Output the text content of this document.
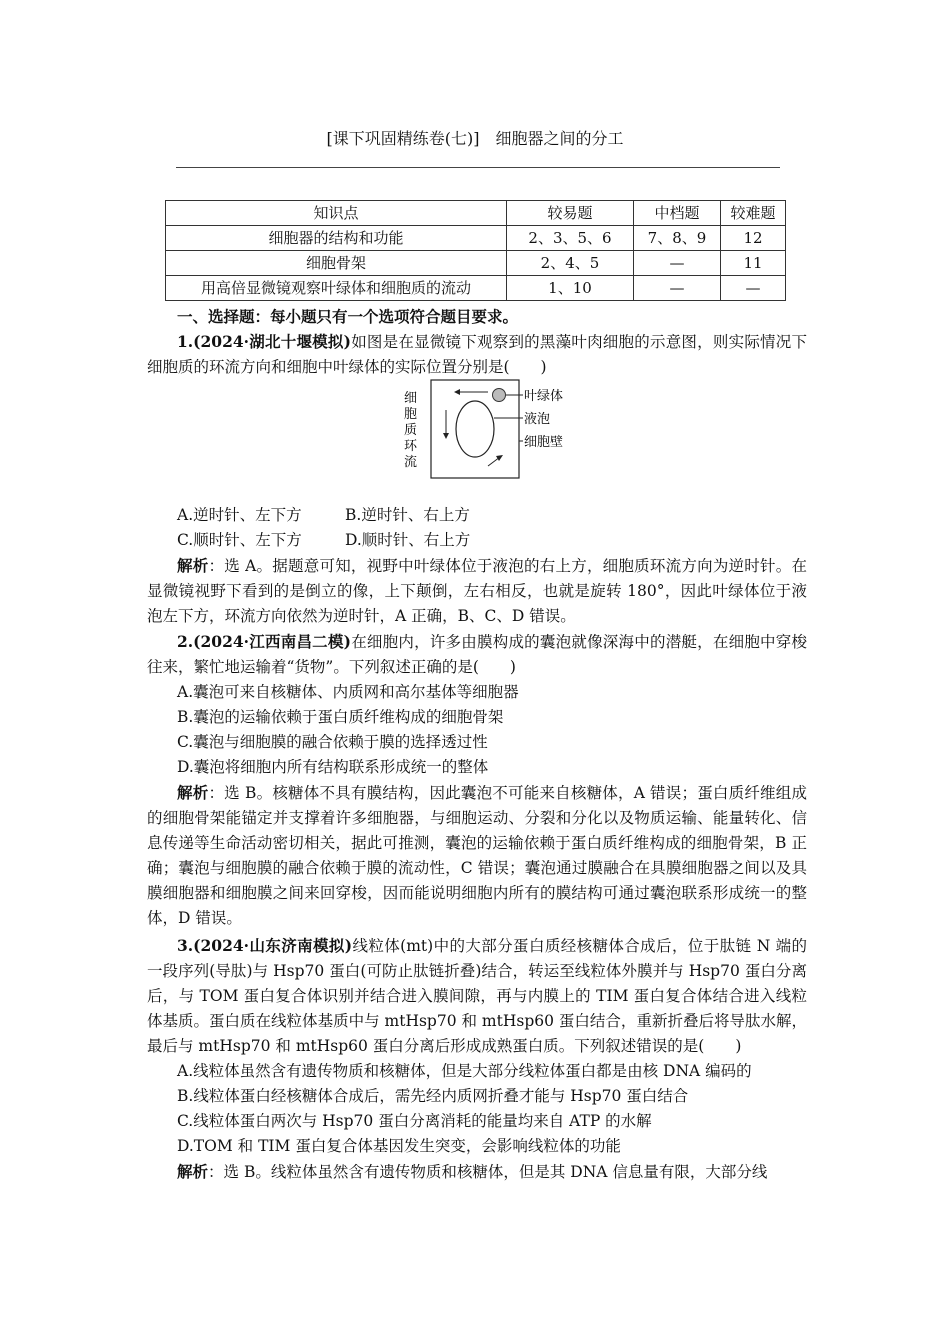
[课下巩固精练卷(七)]　细胞器之间的分工
知识点	较易题	中档题	较难题
细胞器的结构和功能	2、3、5、6	7、8、9	12
细胞骨架	2、4、5	—	11
用高倍显微镜观察叶绿体和细胞质的流动	1、10	—	—

一、选择题：每小题只有一个选项符合题目要求。

1.(2024·湖北十堰模拟)如图是在显微镜下观察到的黑藻叶肉细胞的示意图，则实际情况下细胞质的环流方向和细胞中叶绿体的实际位置分别是(　　)

叶绿体
液泡
细胞壁
细
胞
质
环
流

A.逆时针、左下方	B.逆时针、右上方

C.顺时针、左下方	D.顺时针、右上方

解析：选 A。据题意可知，视野中叶绿体位于液泡的右上方，细胞质环流方向为逆时针。在显微镜视野下看到的是倒立的像，上下颠倒，左右相反，也就是旋转 180°，因此叶绿体位于液泡左下方，环流方向依然为逆时针，A 正确，B、C、D 错误。

2.(2024·江西南昌二模)在细胞内，许多由膜构成的囊泡就像深海中的潜艇，在细胞中穿梭往来，繁忙地运输着“货物”。下列叙述正确的是(　　)

A.囊泡可来自核糖体、内质网和高尔基体等细胞器

B.囊泡的运输依赖于蛋白质纤维构成的细胞骨架

C.囊泡与细胞膜的融合依赖于膜的选择透过性

D.囊泡将细胞内所有结构联系形成统一的整体

解析：选 B。核糖体不具有膜结构，因此囊泡不可能来自核糖体，A 错误；蛋白质纤维组成的细胞骨架能锚定并支撑着许多细胞器，与细胞运动、分裂和分化以及物质运输、能量转化、信息传递等生命活动密切相关，据此可推测，囊泡的运输依赖于蛋白质纤维构成的细胞骨架，B 正确；囊泡与细胞膜的融合依赖于膜的流动性，C 错误；囊泡通过膜融合在具膜细胞器之间以及具膜细胞器和细胞膜之间来回穿梭，因而能说明细胞内所有的膜结构可通过囊泡联系形成统一的整体，D 错误。

3.(2024·山东济南模拟)线粒体(mt)中的大部分蛋白质经核糖体合成后，位于肽链 N 端的一段序列(导肽)与 Hsp70 蛋白(可防止肽链折叠)结合，转运至线粒体外膜并与 Hsp70 蛋白分离后，与 TOM 蛋白复合体识别并结合进入膜间隙，再与内膜上的 TIM 蛋白复合体结合进入线粒体基质。蛋白质在线粒体基质中与 mtHsp70 和 mtHsp60 蛋白结合，重新折叠后将导肽水解，最后与 mtHsp70 和 mtHsp60 蛋白分离后形成成熟蛋白质。下列叙述错误的是(　　)

A.线粒体虽然含有遗传物质和核糖体，但是大部分线粒体蛋白都是由核 DNA 编码的

B.线粒体蛋白经核糖体合成后，需先经内质网折叠才能与 Hsp70 蛋白结合

C.线粒体蛋白两次与 Hsp70 蛋白分离消耗的能量均来自 ATP 的水解

D.TOM 和 TIM 蛋白复合体基因发生突变，会影响线粒体的功能

解析：选 B。线粒体虽然含有遗传物质和核糖体，但是其 DNA 信息量有限，大部分线
